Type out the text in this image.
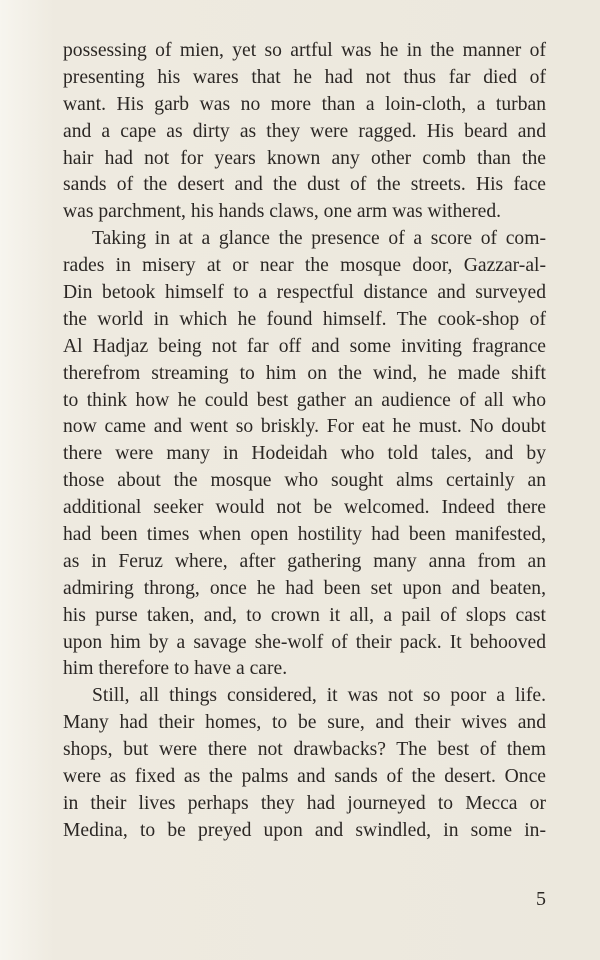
possessing of mien, yet so artful was he in the manner of
presenting his wares that he had not thus far died of
want. His garb was no more than a loin-cloth, a turban
and a cape as dirty as they were ragged. His beard and
hair had not for years known any other comb than the
sands of the desert and the dust of the streets. His face
was parchment, his hands claws, one arm was withered.
Taking in at a glance the presence of a score of com-
rades in misery at or near the mosque door, Gazzar-al-
Din betook himself to a respectful distance and surveyed
the world in which he found himself. The cook-shop of
Al Hadjaz being not far off and some inviting fragrance
therefrom streaming to him on the wind, he made shift
to think how he could best gather an audience of all who
now came and went so briskly. For eat he must. No doubt
there were many in Hodeidah who told tales, and by
those about the mosque who sought alms certainly an
additional seeker would not be welcomed. Indeed there
had been times when open hostility had been manifested,
as in Feruz where, after gathering many anna from an
admiring throng, once he had been set upon and beaten,
his purse taken, and, to crown it all, a pail of slops cast
upon him by a savage she-wolf of their pack. It behooved
him therefore to have a care.
Still, all things considered, it was not so poor a life.
Many had their homes, to be sure, and their wives and
shops, but were there not drawbacks? The best of them
were as fixed as the palms and sands of the desert. Once
in their lives perhaps they had journeyed to Mecca or
Medina, to be preyed upon and swindled, in some in-
5
